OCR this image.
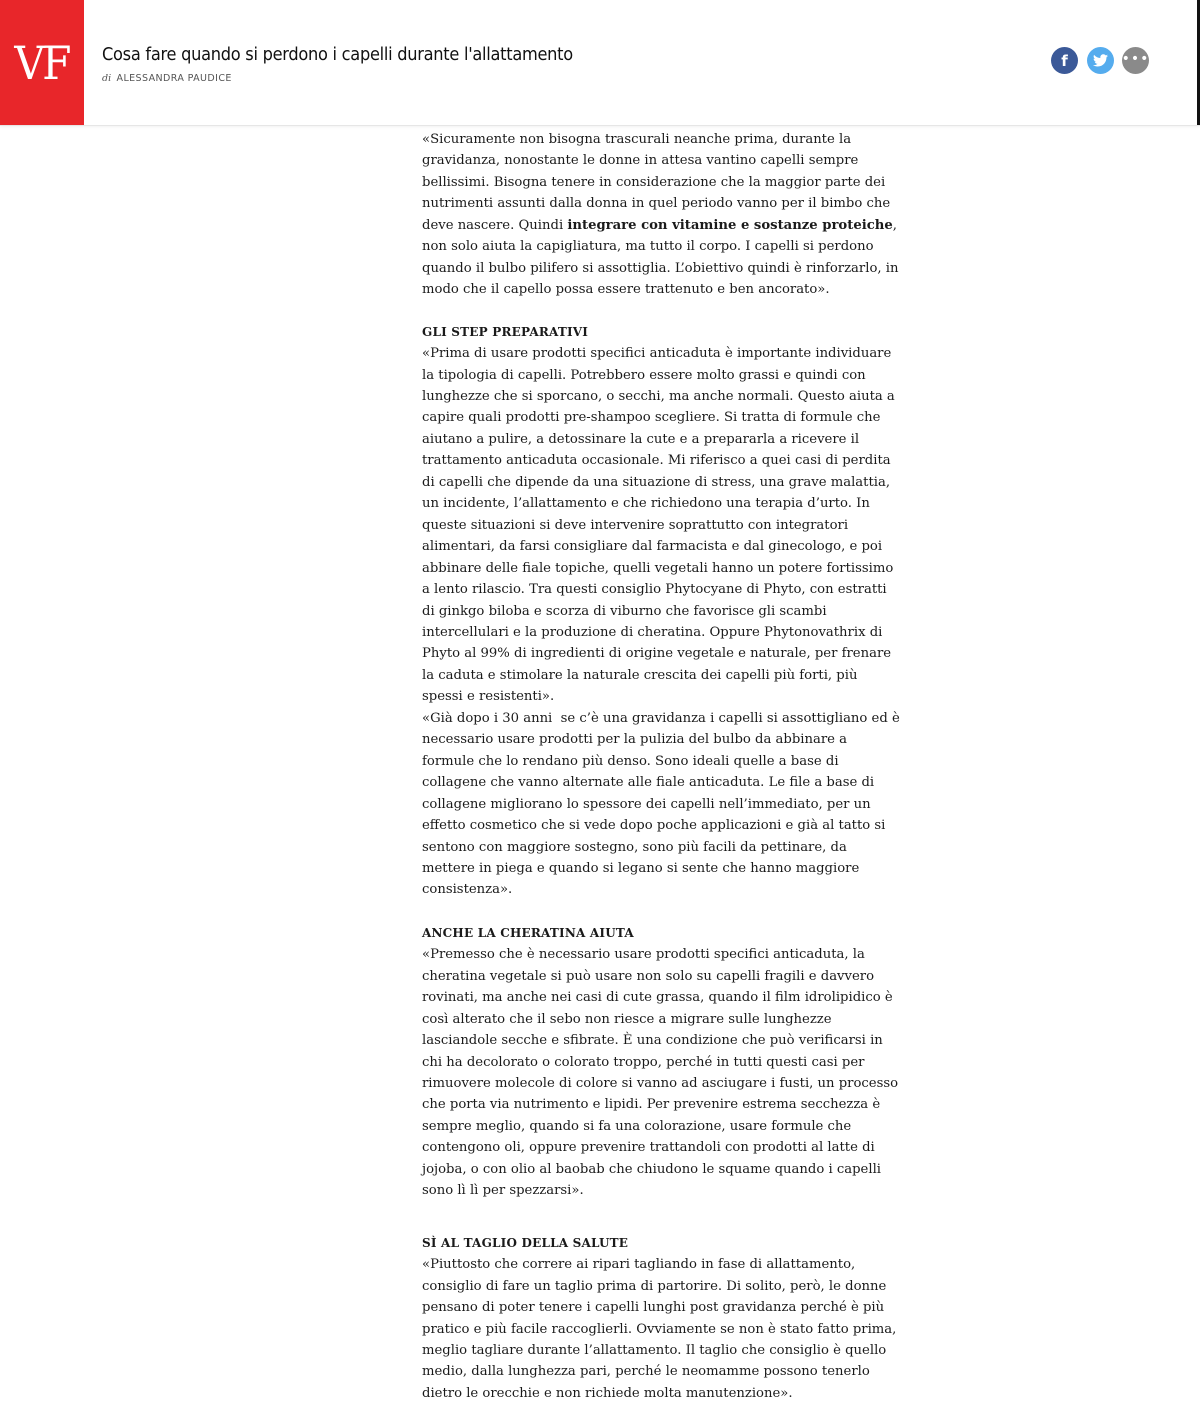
VF Cosa fare quando si perdono i capelli durante l'allattamento
di ALESSANDRA PAUDICE
f	•••

«Sicuramente non bisogna trascurali neanche prima, durante la gravidanza, nonostante le donne in attesa vantino capelli sempre bellissimi. Bisogna tenere in considerazione che la maggior parte dei nutrimenti assunti dalla donna in quel periodo vanno per il bimbo che deve nascere. Quindi integrare con vitamine e sostanze proteiche, non solo aiuta la capigliatura, ma tutto il corpo. I capelli si perdono quando il bulbo pilifero si assottiglia. L’obiettivo quindi è rinforzarlo, in modo che il capello possa essere trattenuto e ben ancorato».

GLI STEP PREPARATIVI

«Prima di usare prodotti specifici anticaduta è importante individuare la tipologia di capelli. Potrebbero essere molto grassi e quindi con lunghezze che si sporcano, o secchi, ma anche normali. Questo aiuta a capire quali prodotti pre-shampoo scegliere. Si tratta di formule che aiutano a pulire, a detossinare la cute e a prepararla a ricevere il trattamento anticaduta occasionale. Mi riferisco a quei casi di perdita di capelli che dipende da una situazione di stress, una grave malattia, un incidente, l’allattamento e che richiedono una terapia d’urto. In queste situazioni si deve intervenire soprattutto con integratori alimentari, da farsi consigliare dal farmacista e dal ginecologo, e poi abbinare delle fiale topiche, quelli vegetali hanno un potere fortissimo a lento rilascio. Tra questi consiglio Phytocyane di Phyto, con estratti di ginkgo biloba e scorza di viburno che favorisce gli scambi intercellulari e la produzione di cheratina. Oppure Phytonovathrix di Phyto al 99% di ingredienti di origine vegetale e naturale, per frenare la caduta e stimolare la naturale crescita dei capelli più forti, più spessi e resistenti».

«Già dopo i 30 anni  se c’è una gravidanza i capelli si assottigliano ed è necessario usare prodotti per la pulizia del bulbo da abbinare a formule che lo rendano più denso. Sono ideali quelle a base di collagene che vanno alternate alle fiale anticaduta. Le file a base di collagene migliorano lo spessore dei capelli nell’immediato, per un effetto cosmetico che si vede dopo poche applicazioni e già al tatto si sentono con maggiore sostegno, sono più facili da pettinare, da mettere in piega e quando si legano si sente che hanno maggiore consistenza».

ANCHE LA CHERATINA AIUTA

«Premesso che è necessario usare prodotti specifici anticaduta, la cheratina vegetale si può usare non solo su capelli fragili e davvero rovinati, ma anche nei casi di cute grassa, quando il film idrolipidico è così alterato che il sebo non riesce a migrare sulle lunghezze lasciandole secche e sfibrate. È una condizione che può verificarsi in chi ha decolorato o colorato troppo, perché in tutti questi casi per rimuovere molecole di colore si vanno ad asciugare i fusti, un processo che porta via nutrimento e lipidi. Per prevenire estrema secchezza è sempre meglio, quando si fa una colorazione, usare formule che contengono oli, oppure prevenire trattandoli con prodotti al latte di jojoba, o con olio al baobab che chiudono le squame quando i capelli sono lì lì per spezzarsi».

SÌ AL TAGLIO DELLA SALUTE

«Piuttosto che correre ai ripari tagliando in fase di allattamento, consiglio di fare un taglio prima di partorire. Di solito, però, le donne pensano di poter tenere i capelli lunghi post gravidanza perché è più pratico e più facile raccoglierli. Ovviamente se non è stato fatto prima, meglio tagliare durante l’allattamento. Il taglio che consiglio è quello medio, dalla lunghezza pari, perché le neomamme possono tenerlo dietro le orecchie e non richiede molta manutenzione».
